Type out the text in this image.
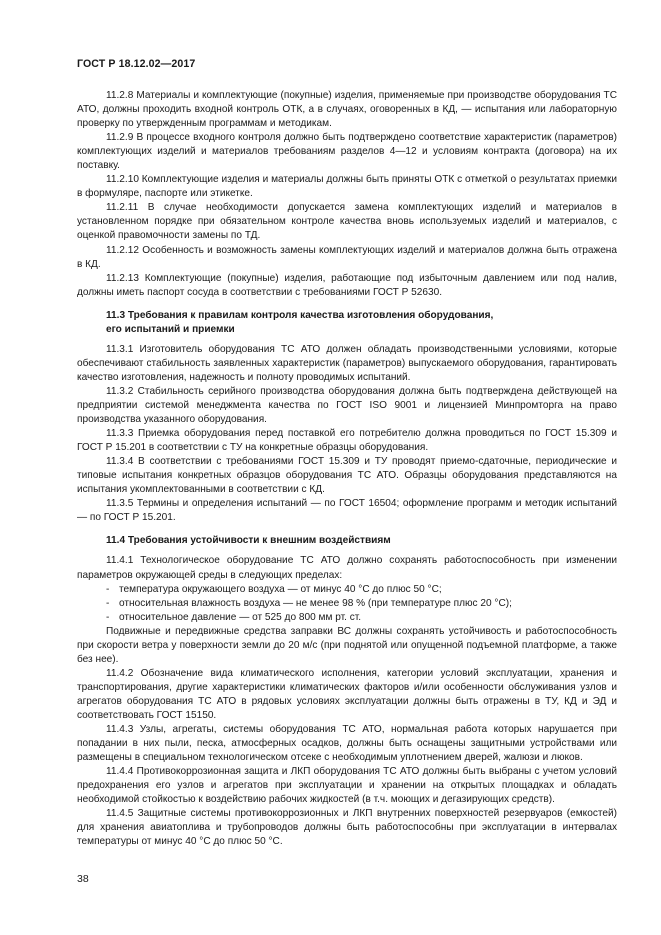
ГОСТ Р 18.12.02—2017
11.2.8 Материалы и комплектующие (покупные) изделия, применяемые при производстве оборудования ТС АТО, должны проходить входной контроль ОТК, а в случаях, оговоренных в КД, — испытания или лабораторную проверку по утвержденным программам и методикам.
11.2.9 В процессе входного контроля должно быть подтверждено соответствие характеристик (параметров) комплектующих изделий и материалов требованиям разделов 4—12 и условиям контракта (договора) на их поставку.
11.2.10 Комплектующие изделия и материалы должны быть приняты ОТК с отметкой о результатах приемки в формуляре, паспорте или этикетке.
11.2.11 В случае необходимости допускается замена комплектующих изделий и материалов в установленном порядке при обязательном контроле качества вновь используемых изделий и материалов, с оценкой правомочности замены по ТД.
11.2.12 Особенность и возможность замены комплектующих изделий и материалов должна быть отражена в КД.
11.2.13 Комплектующие (покупные) изделия, работающие под избыточным давлением или под налив, должны иметь паспорт сосуда в соответствии с требованиями ГОСТ Р 52630.
11.3 Требования к правилам контроля качества изготовления оборудования,
его испытаний и приемки
11.3.1 Изготовитель оборудования ТС АТО должен обладать производственными условиями, которые обеспечивают стабильность заявленных характеристик (параметров) выпускаемого оборудования, гарантировать качество изготовления, надежность и полноту проводимых испытаний.
11.3.2 Стабильность серийного производства оборудования должна быть подтверждена действующей на предприятии системой менеджмента качества по ГОСТ ISO 9001 и лицензией Минпромторга на право производства указанного оборудования.
11.3.3 Приемка оборудования перед поставкой его потребителю должна проводиться по ГОСТ 15.309 и ГОСТ Р 15.201 в соответствии с ТУ на конкретные образцы оборудования.
11.3.4 В соответствии с требованиями ГОСТ 15.309 и ТУ проводят приемо-сдаточные, периодические и типовые испытания конкретных образцов оборудования ТС АТО. Образцы оборудования представляются на испытания укомплектованными в соответствии с КД.
11.3.5 Термины и определения испытаний — по ГОСТ 16504; оформление программ и методик испытаний — по ГОСТ Р 15.201.
11.4 Требования устойчивости к внешним воздействиям
11.4.1 Технологическое оборудование ТС АТО должно сохранять работоспособность при изменении параметров окружающей среды в следующих пределах:
- температура окружающего воздуха — от минус 40 °С до плюс 50 °С;
- относительная влажность воздуха — не менее 98 % (при температуре плюс 20 °С);
- относительное давление — от 525 до 800 мм рт. ст.
Подвижные и передвижные средства заправки ВС должны сохранять устойчивость и работоспособность при скорости ветра у поверхности земли до 20 м/с (при поднятой или опущенной подъемной платформе, а также без нее).
11.4.2 Обозначение вида климатического исполнения, категории условий эксплуатации, хранения и транспортирования, другие характеристики климатических факторов и/или особенности обслуживания узлов и агрегатов оборудования ТС АТО в рядовых условиях эксплуатации должны быть отражены в ТУ, КД и ЭД и соответствовать ГОСТ 15150.
11.4.3 Узлы, агрегаты, системы оборудования ТС АТО, нормальная работа которых нарушается при попадании в них пыли, песка, атмосферных осадков, должны быть оснащены защитными устройствами или размещены в специальном технологическом отсеке с необходимым уплотнением дверей, жалюзи и люков.
11.4.4 Противокоррозионная защита и ЛКП оборудования ТС АТО должны быть выбраны с учетом условий предохранения его узлов и агрегатов при эксплуатации и хранении на открытых площадках и обладать необходимой стойкостью к воздействию рабочих жидкостей (в т.ч. моющих и дегазирующих средств).
11.4.5 Защитные системы противокоррозионных и ЛКП внутренних поверхностей резервуаров (емкостей) для хранения авиатоплива и трубопроводов должны быть работоспособны при эксплуатации в интервалах температуры от минус 40 °С до плюс 50 °С.
38
